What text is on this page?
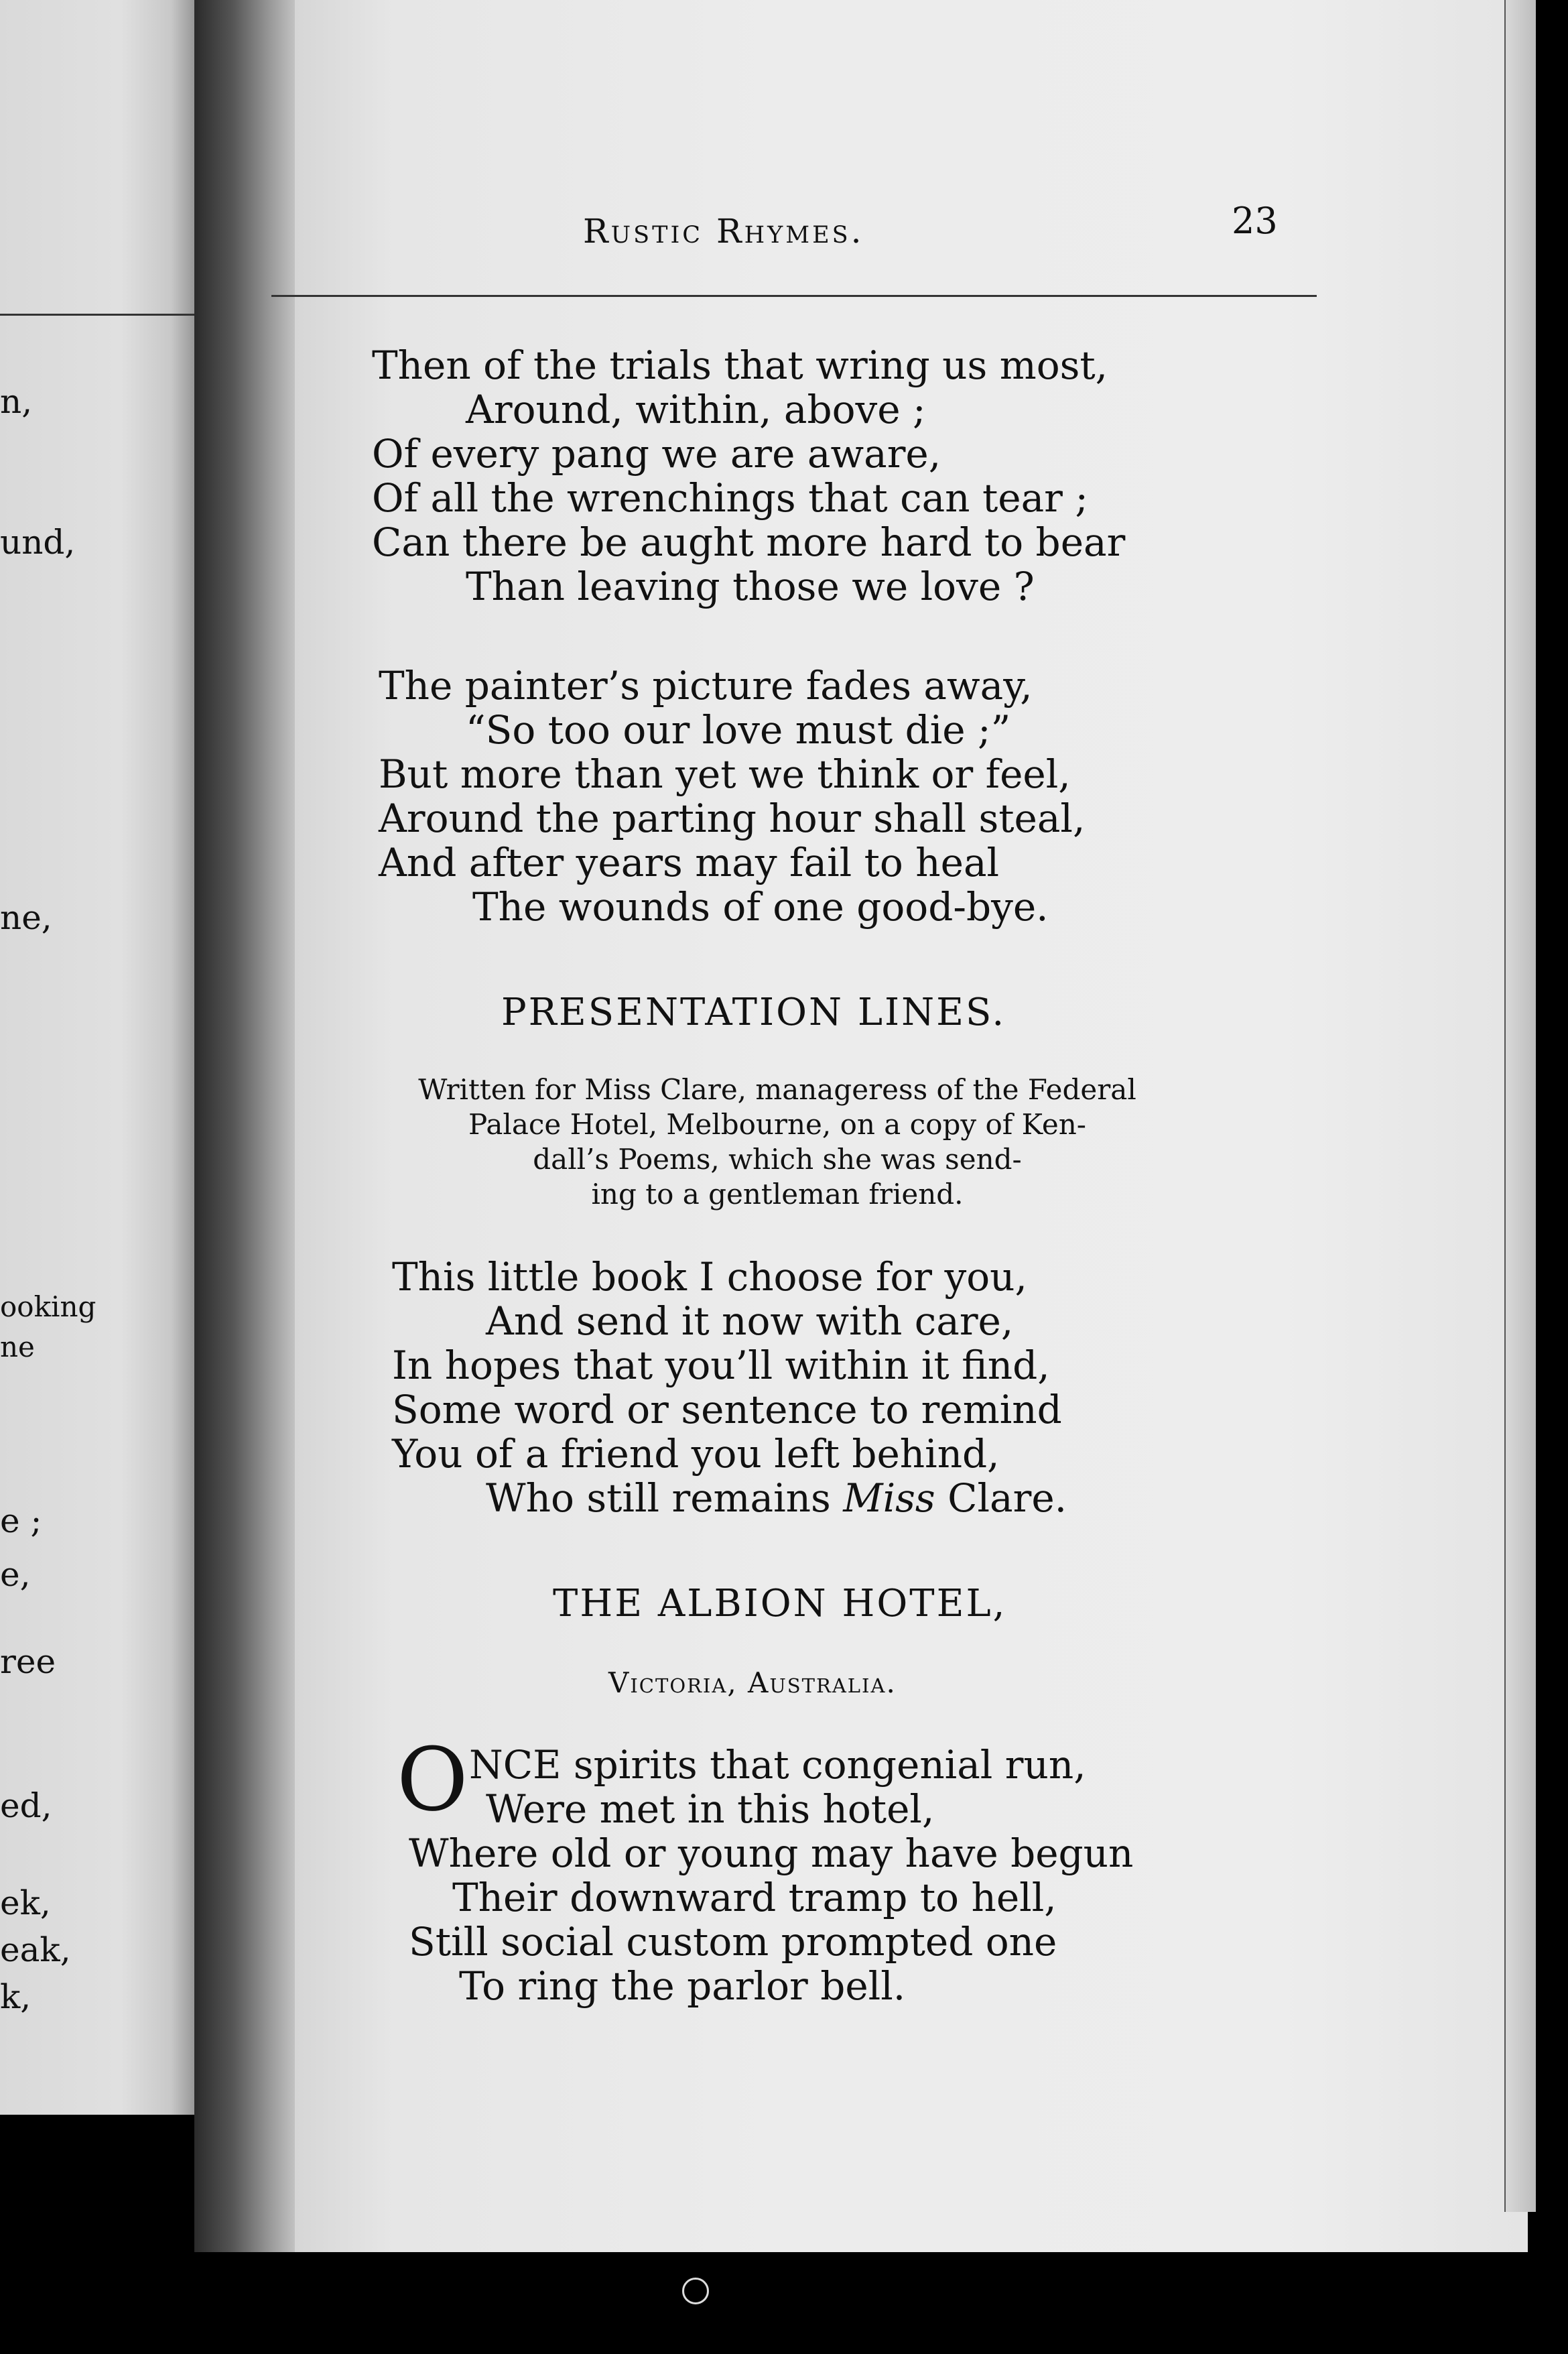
n,
und,
ne,
ooking
ne
e ;
e,
ree
ed,
ek,
eak,
k,
Rustic Rhymes.	23
Then of the trials that wring us most,
Around, within, above ;
Of every pang we are aware,
Of all the wrenchings that can tear ;
Can there be aught more hard to bear
Than leaving those we love ?
The painter’s picture fades away,
“So too our love must die ;”
But more than yet we think or feel,
Around the parting hour shall steal,
And after years may fail to heal
The wounds of one good-bye.
PRESENTATION LINES.
Written for Miss Clare, manageress of the Federal
Palace Hotel, Melbourne, on a copy of Ken-
dall’s Poems, which she was send-
ing to a gentleman friend.
This little book I choose for you,
And send it now with care,
In hopes that you’ll within it find,
Some word or sentence to remind
You of a friend you left behind,
Who still remains Miss Clare.
THE ALBION HOTEL,
Victoria, Australia.
O NCE spirits that congenial run,
Were met in this hotel,
Where old or young may have begun
Their downward tramp to hell,
Still social custom prompted one
To ring the parlor bell.
